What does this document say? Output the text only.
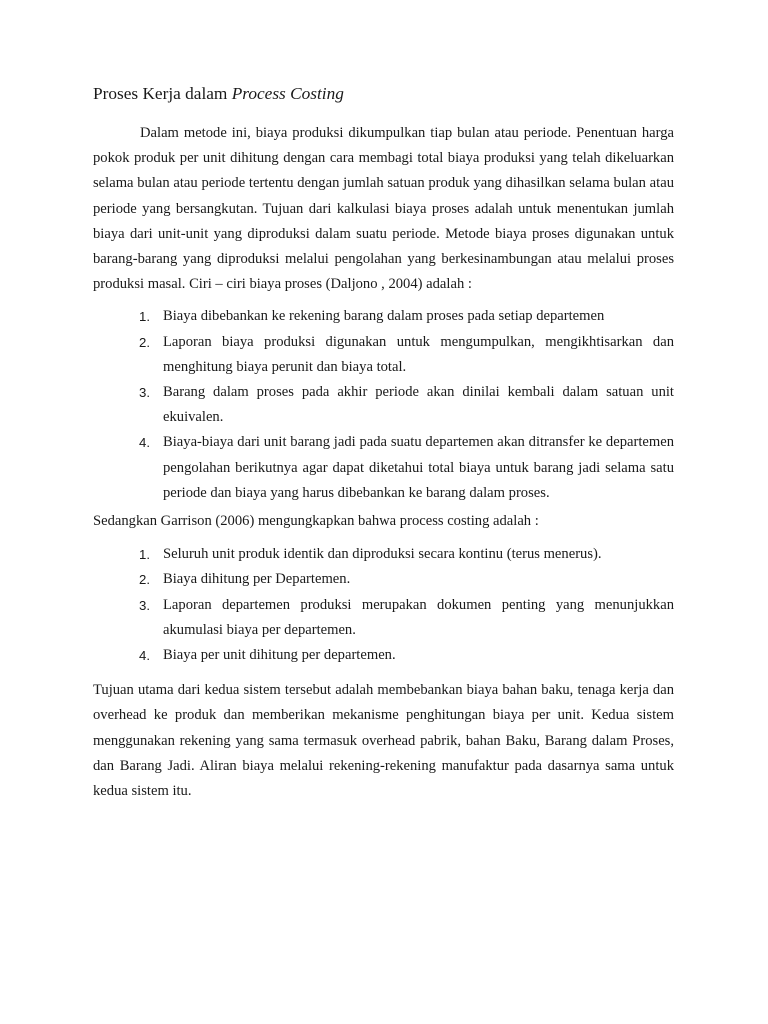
Proses Kerja dalam Process Costing

Dalam metode ini, biaya produksi dikumpulkan tiap bulan atau periode. Penentuan harga pokok produk per unit dihitung dengan cara membagi total biaya produksi yang telah dikeluarkan selama bulan atau periode tertentu dengan jumlah satuan produk yang dihasilkan selama bulan atau periode yang bersangkutan. Tujuan dari kalkulasi biaya proses adalah untuk menentukan jumlah biaya dari unit-unit yang diproduksi dalam suatu periode. Metode biaya proses digunakan untuk barang-barang yang diproduksi melalui pengolahan yang berkesinambungan atau melalui proses produksi masal. Ciri – ciri biaya proses (Daljono , 2004) adalah :

1. Biaya dibebankan ke rekening barang dalam proses pada setiap departemen
2. Laporan biaya produksi digunakan untuk mengumpulkan, mengikhtisarkan dan menghitung biaya perunit dan biaya total.
3. Barang dalam proses pada akhir periode akan dinilai kembali dalam satuan unit ekuivalen.
4. Biaya-biaya dari unit barang jadi pada suatu departemen akan ditransfer ke departemen pengolahan berikutnya agar dapat diketahui total biaya untuk barang jadi selama satu periode dan biaya yang harus dibebankan ke barang dalam proses.

Sedangkan Garrison (2006) mengungkapkan bahwa process costing adalah :

1. Seluruh unit produk identik dan diproduksi secara kontinu (terus menerus).
2. Biaya dihitung per Departemen.
3. Laporan departemen produksi merupakan dokumen penting yang menunjukkan akumulasi biaya per departemen.
4. Biaya per unit dihitung per departemen.

Tujuan utama dari kedua sistem tersebut adalah membebankan biaya bahan baku, tenaga kerja dan overhead ke produk dan memberikan mekanisme penghitungan biaya per unit. Kedua sistem menggunakan rekening yang sama termasuk overhead pabrik, bahan Baku, Barang dalam Proses, dan Barang Jadi. Aliran biaya melalui rekening-rekening manufaktur pada dasarnya sama untuk kedua sistem itu.
